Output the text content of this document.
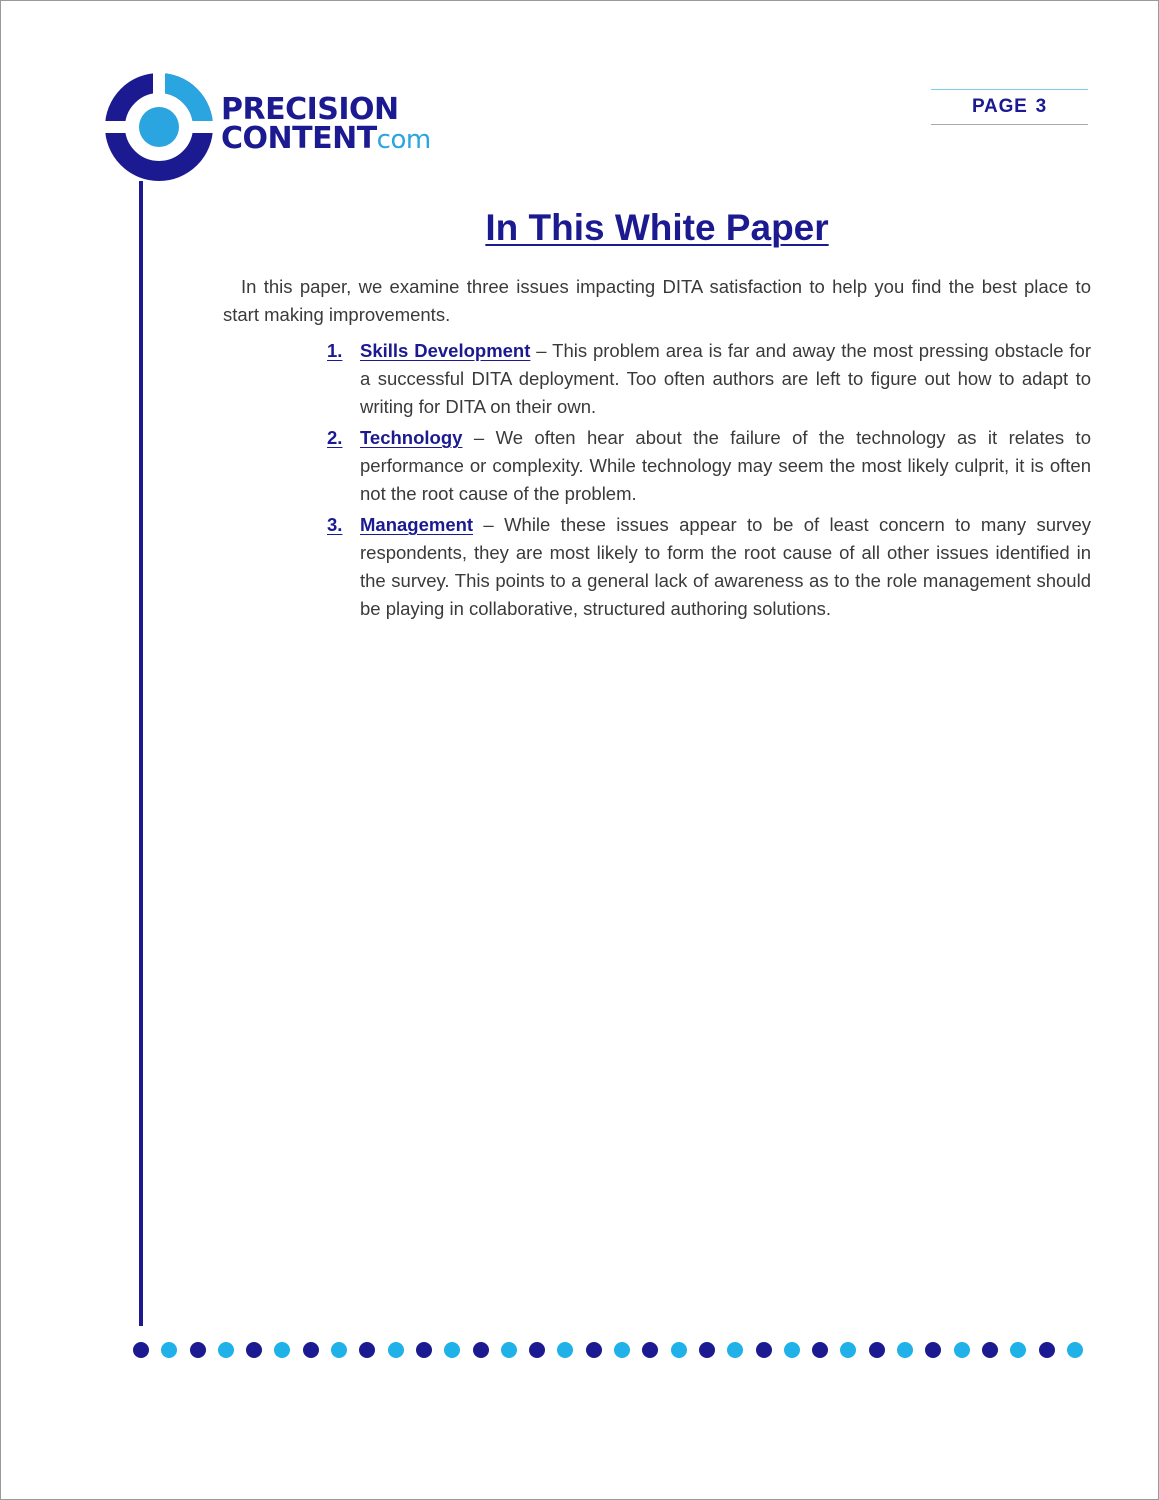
PRECISION
CONTENTcom
PAGE 3
In This White Paper

In this paper, we examine three issues impacting DITA satisfaction to help you find the best place to start making improvements.

1. Skills Development – This problem area is far and away the most pressing obstacle for a successful DITA deployment. Too often authors are left to figure out how to adapt to writing for DITA on their own.
2. Technology – We often hear about the failure of the technology as it relates to performance or complexity. While technology may seem the most likely culprit, it is often not the root cause of the problem.
3. Management – While these issues appear to be of least concern to many survey respondents, they are most likely to form the root cause of all other issues identified in the survey. This points to a general lack of awareness as to the role management should be playing in collaborative, structured authoring solutions.
